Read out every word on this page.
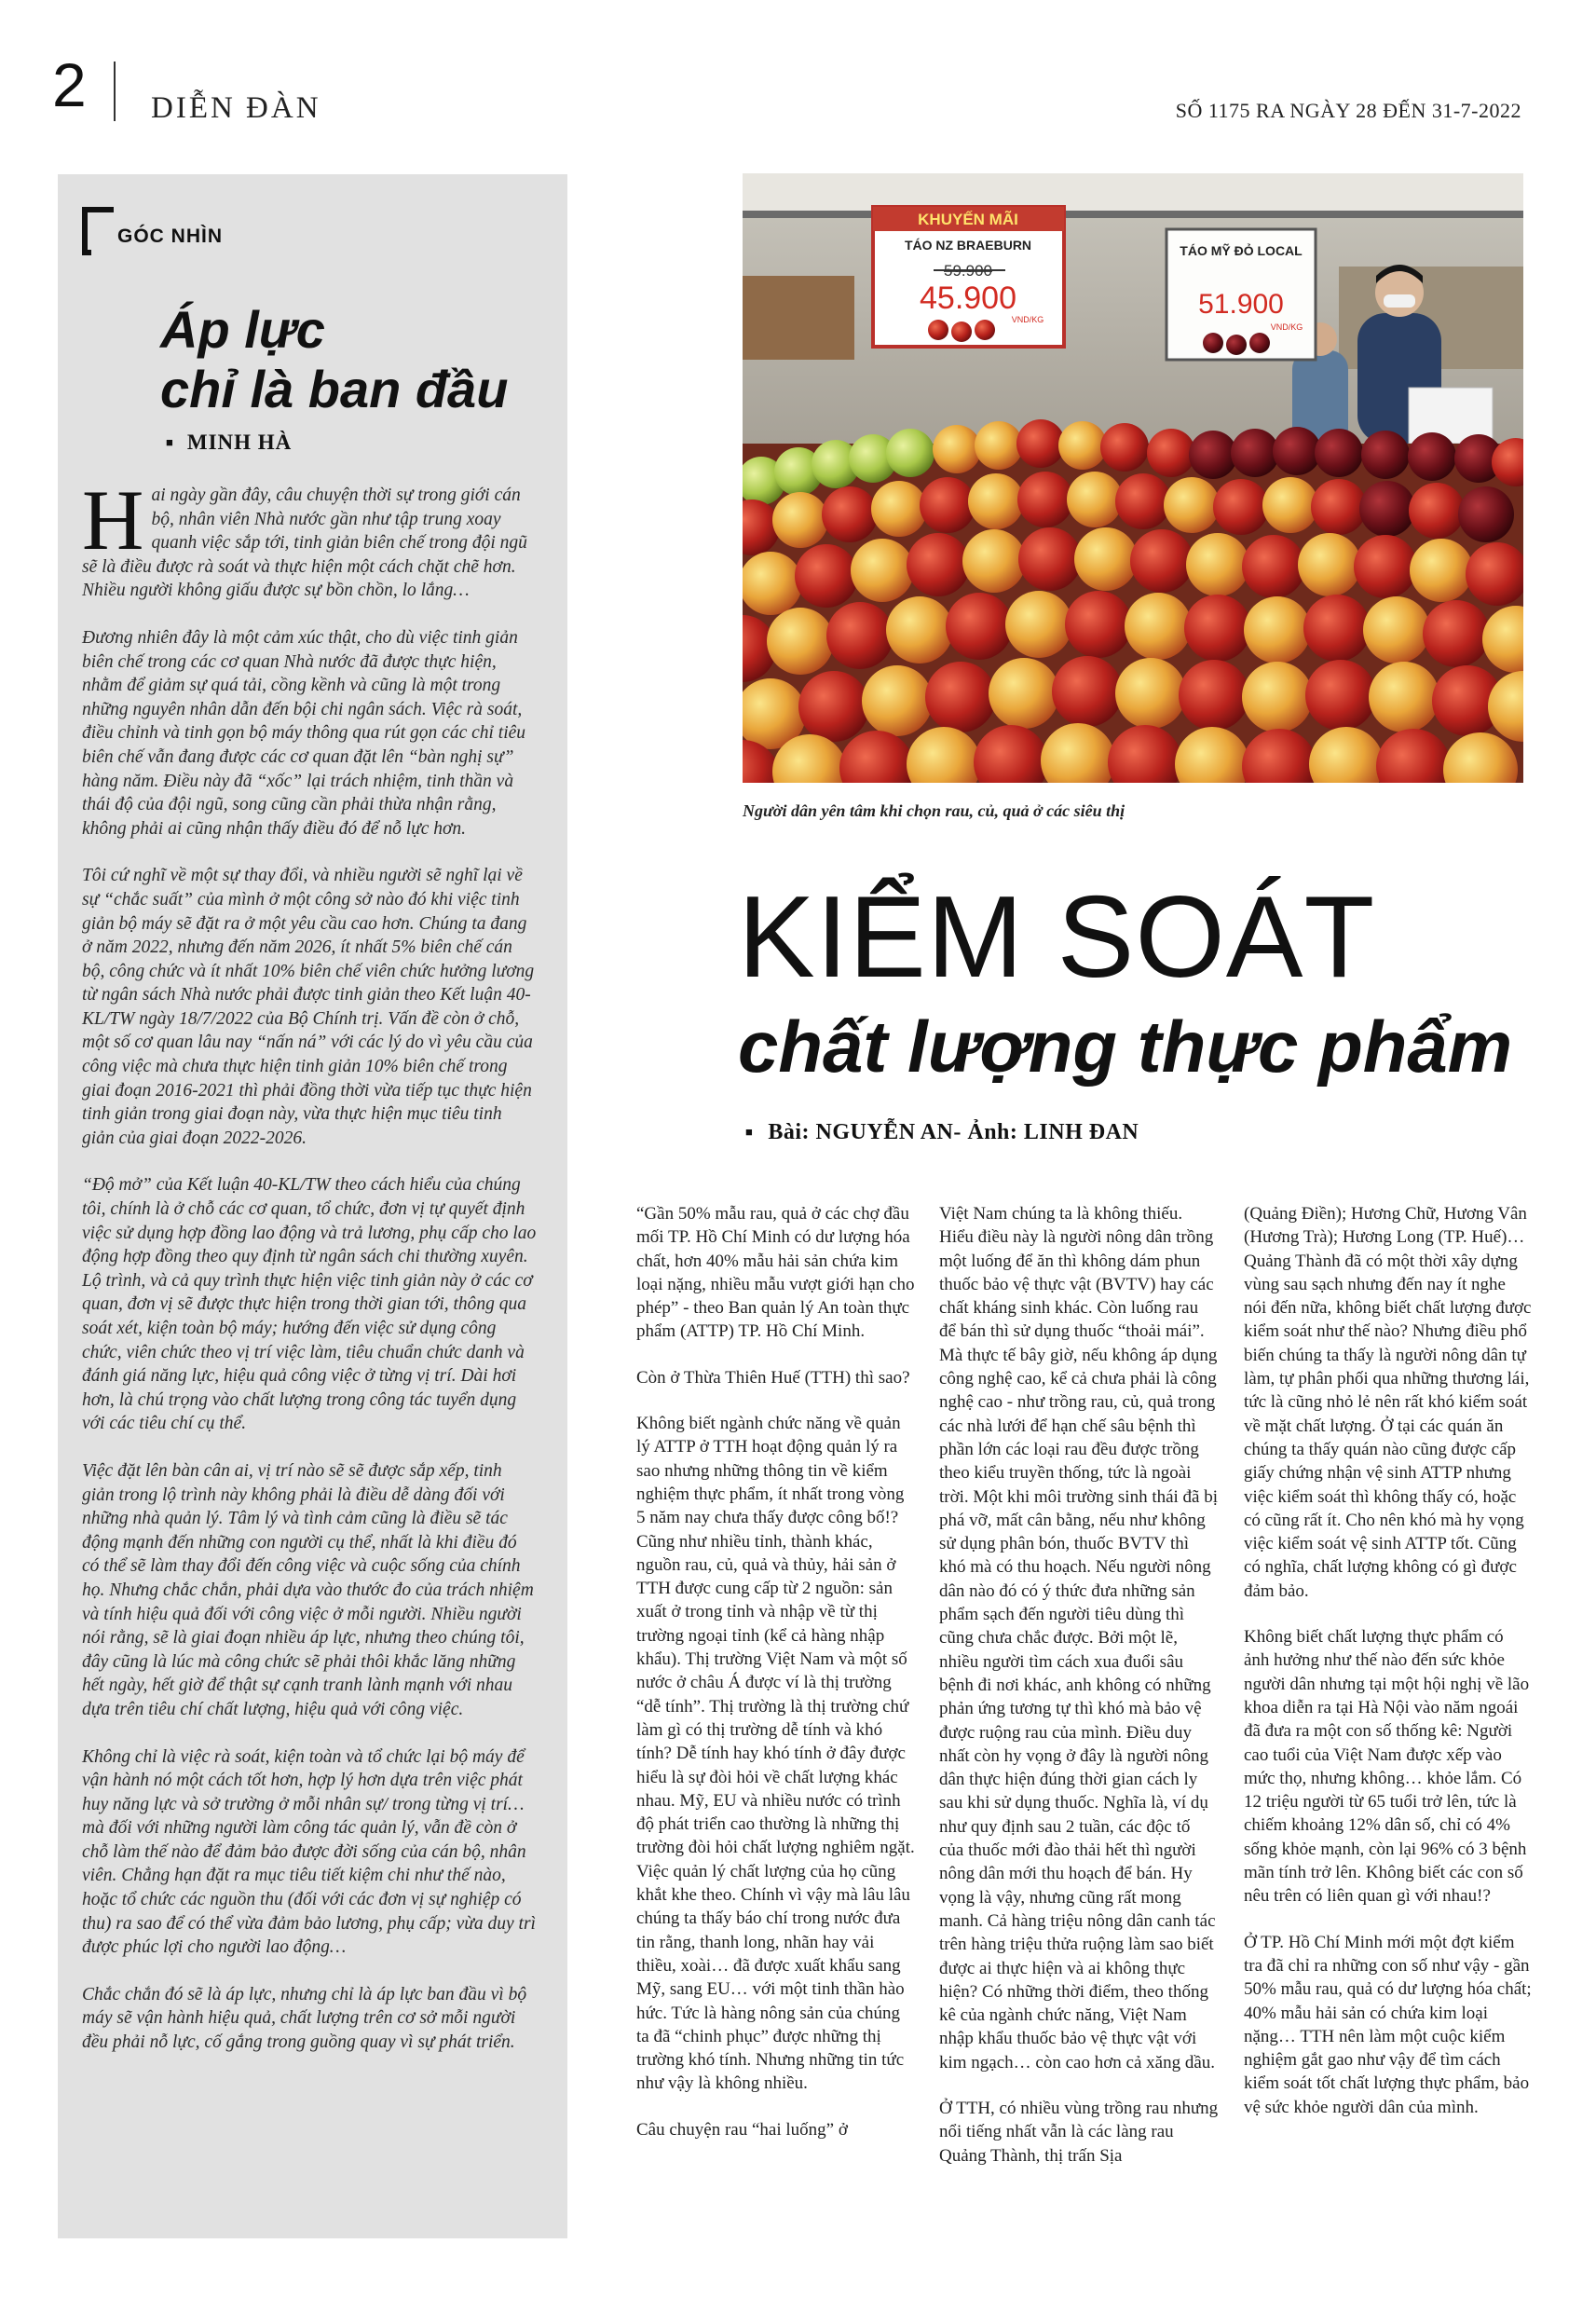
2 DIỄN ĐÀN	SỐ 1175 RA NGÀY 28 ĐẾN 31-7-2022
GÓC NHÌN
Áp lực
chỉ là ban đầu
■ MINH HÀ

Hai ngày gần đây, câu chuyện thời sự trong giới cán bộ, nhân viên Nhà nước gần như tập trung xoay quanh việc sắp tới, tinh giản biên chế trong đội ngũ sẽ là điều được rà soát và thực hiện một cách chặt chẽ hơn. Nhiều người không giấu được sự bồn chồn, lo lắng…

Đương nhiên đây là một cảm xúc thật, cho dù việc tinh giản biên chế trong các cơ quan Nhà nước đã được thực hiện, nhằm để giảm sự quá tải, cồng kềnh và cũng là một trong những nguyên nhân dẫn đến bội chi ngân sách. Việc rà soát, điều chỉnh và tinh gọn bộ máy thông qua rút gọn các chỉ tiêu biên chế vẫn đang được các cơ quan đặt lên “bàn nghị sự” hàng năm. Điều này đã “xốc” lại trách nhiệm, tinh thần và thái độ của đội ngũ, song cũng cần phải thừa nhận rằng, không phải ai cũng nhận thấy điều đó để nỗ lực hơn.

Tôi cứ nghĩ về một sự thay đổi, và nhiều người sẽ nghĩ lại về sự “chắc suất” của mình ở một công sở nào đó khi việc tinh giản bộ máy sẽ đặt ra ở một yêu cầu cao hơn. Chúng ta đang ở năm 2022, nhưng đến năm 2026, ít nhất 5% biên chế cán bộ, công chức và ít nhất 10% biên chế viên chức hưởng lương từ ngân sách Nhà nước phải được tinh giản theo Kết luận 40-KL/TW ngày 18/7/2022 của Bộ Chính trị. Vấn đề còn ở chỗ, một số cơ quan lâu nay “nấn ná” với các lý do vì yêu cầu của công việc mà chưa thực hiện tinh giản 10% biên chế trong giai đoạn 2016-2021 thì phải đồng thời vừa tiếp tục thực hiện tinh giản trong giai đoạn này, vừa thực hiện mục tiêu tinh giản của giai đoạn 2022-2026.

“Độ mở” của Kết luận 40-KL/TW theo cách hiểu của chúng tôi, chính là ở chỗ các cơ quan, tổ chức, đơn vị tự quyết định việc sử dụng hợp đồng lao động và trả lương, phụ cấp cho lao động hợp đồng theo quy định từ ngân sách chi thường xuyên. Lộ trình, và cả quy trình thực hiện việc tinh giản này ở các cơ quan, đơn vị sẽ được thực hiện trong thời gian tới, thông qua soát xét, kiện toàn bộ máy; hướng đến việc sử dụng công chức, viên chức theo vị trí việc làm, tiêu chuẩn chức danh và đánh giá năng lực, hiệu quả công việc ở từng vị trí. Dài hơi hơn, là chú trọng vào chất lượng trong công tác tuyển dụng với các tiêu chí cụ thể.

Việc đặt lên bàn cân ai, vị trí nào sẽ sẽ được sắp xếp, tinh giản trong lộ trình này không phải là điều dễ dàng đối với những nhà quản lý. Tâm lý và tình cảm cũng là điều sẽ tác động mạnh đến những con người cụ thể, nhất là khi điều đó có thể sẽ làm thay đổi đến công việc và cuộc sống của chính họ. Nhưng chắc chắn, phải dựa vào thước đo của trách nhiệm và tính hiệu quả đối với công việc ở mỗi người. Nhiều người nói rằng, sẽ là giai đoạn nhiều áp lực, nhưng theo chúng tôi, đây cũng là lúc mà công chức sẽ phải thôi khắc lăng những hết ngày, hết giờ để thật sự cạnh tranh lành mạnh với nhau dựa trên tiêu chí chất lượng, hiệu quả với công việc.

Không chỉ là việc rà soát, kiện toàn và tổ chức lại bộ máy để vận hành nó một cách tốt hơn, hợp lý hơn dựa trên việc phát huy năng lực và sở trường ở mỗi nhân sự/ trong từng vị trí… mà đối với những người làm công tác quản lý, vẫn đề còn ở chỗ làm thế nào để đảm bảo được đời sống của cán bộ, nhân viên. Chẳng hạn đặt ra mục tiêu tiết kiệm chi như thế nào, hoặc tổ chức các nguồn thu (đối với các đơn vị sự nghiệp có thu) ra sao để có thể vừa đảm bảo lương, phụ cấp; vừa duy trì được phúc lợi cho người lao động…

Chắc chắn đó sẽ là áp lực, nhưng chỉ là áp lực ban đầu vì bộ máy sẽ vận hành hiệu quả, chất lượng trên cơ sở mỗi người đều phải nỗ lực, cố gắng trong guồng quay vì sự phát triển.

KHUYẾN MÃI
TÁO NZ BRAEBURN
59.900
45.900
VND/KG
TÁO MỸ ĐỎ LOCAL
51.900
VND/KG
Người dân yên tâm khi chọn rau, củ, quả ở các siêu thị
KIỂM SOÁT
chất lượng thực phẩm
■ Bài: NGUYỄN AN- Ảnh: LINH ĐAN

“Gần 50% mẫu rau, quả ở các chợ đầu mối TP. Hồ Chí Minh có dư lượng hóa chất, hơn 40% mẫu hải sản chứa kim loại nặng, nhiều mẫu vượt giới hạn cho phép” - theo Ban quản lý An toàn thực phẩm (ATTP) TP. Hồ Chí Minh.

Còn ở Thừa Thiên Huế (TTH) thì sao?

Không biết ngành chức năng về quản lý ATTP ở TTH hoạt động quản lý ra sao nhưng những thông tin về kiểm nghiệm thực phẩm, ít nhất trong vòng 5 năm nay chưa thấy được công bố!? Cũng như nhiều tỉnh, thành khác, nguồn rau, củ, quả và thủy, hải sản ở TTH được cung cấp từ 2 nguồn: sản xuất ở trong tỉnh và nhập về từ thị trường ngoại tỉnh (kể cả hàng nhập khẩu). Thị trường Việt Nam và một số nước ở châu Á được ví là thị trường “dễ tính”. Thị trường là thị trường chứ làm gì có thị trường dễ tính và khó tính? Dễ tính hay khó tính ở đây được hiểu là sự đòi hỏi về chất lượng khác nhau. Mỹ, EU và nhiều nước có trình độ phát triển cao thường là những thị trường đòi hỏi chất lượng nghiêm ngặt. Việc quản lý chất lượng của họ cũng khắt khe theo. Chính vì vậy mà lâu lâu chúng ta thấy báo chí trong nước đưa tin rằng, thanh long, nhãn hay vải thiều, xoài… đã được xuất khẩu sang Mỹ, sang EU… với một tinh thần hào hức. Tức là hàng nông sản của chúng ta đã “chinh phục” được những thị trường khó tính. Nhưng những tin tức như vậy là không nhiều.

Câu chuyện rau “hai luống” ở

Việt Nam chúng ta là không thiếu. Hiểu điều này là người nông dân trồng một luống để ăn thì không dám phun thuốc bảo vệ thực vật (BVTV) hay các chất kháng sinh khác. Còn luống rau để bán thì sử dụng thuốc “thoải mái”. Mà thực tế bây giờ, nếu không áp dụng công nghệ cao, kể cả chưa phải là công nghệ cao - như trồng rau, củ, quả trong các nhà lưới để hạn chế sâu bệnh thì phần lớn các loại rau đều được trồng theo kiểu truyền thống, tức là ngoài trời. Một khi môi trường sinh thái đã bị phá vỡ, mất cân bằng, nếu như không sử dụng phân bón, thuốc BVTV thì khó mà có thu hoạch. Nếu người nông dân nào đó có ý thức đưa những sản phẩm sạch đến người tiêu dùng thì cũng chưa chắc được. Bởi một lẽ, nhiều người tìm cách xua đuổi sâu bệnh đi nơi khác, anh không có những phản ứng tương tự thì khó mà bảo vệ được ruộng rau của mình. Điều duy nhất còn hy vọng ở đây là người nông dân thực hiện đúng thời gian cách ly sau khi sử dụng thuốc. Nghĩa là, ví dụ như quy định sau 2 tuần, các độc tố của thuốc mới đào thải hết thì người nông dân mới thu hoạch để bán. Hy vọng là vậy, nhưng cũng rất mong manh. Cả hàng triệu nông dân canh tác trên hàng triệu thửa ruộng làm sao biết được ai thực hiện và ai không thực hiện? Có những thời điểm, theo thống kê của ngành chức năng, Việt Nam nhập khẩu thuốc bảo vệ thực vật với kim ngạch… còn cao hơn cả xăng dầu.

Ở TTH, có nhiều vùng trồng rau nhưng nổi tiếng nhất vẫn là các làng rau Quảng Thành, thị trấn Sịa

(Quảng Điền); Hương Chữ, Hương Vân (Hương Trà); Hương Long (TP. Huế)… Quảng Thành đã có một thời xây dựng vùng sau sạch nhưng đến nay ít nghe nói đến nữa, không biết chất lượng được kiểm soát như thế nào? Nhưng điều phổ biến chúng ta thấy là người nông dân tự làm, tự phân phối qua những thương lái, tức là cũng nhỏ lẻ nên rất khó kiểm soát về mặt chất lượng. Ở tại các quán ăn chúng ta thấy quán nào cũng được cấp giấy chứng nhận vệ sinh ATTP nhưng việc kiểm soát thì không thấy có, hoặc có cũng rất ít. Cho nên khó mà hy vọng việc kiểm soát vệ sinh ATTP tốt. Cũng có nghĩa, chất lượng không có gì được đảm bảo.

Không biết chất lượng thực phẩm có ảnh hưởng như thế nào đến sức khỏe người dân nhưng tại một hội nghị về lão khoa diễn ra tại Hà Nội vào năm ngoái đã đưa ra một con số thống kê: Người cao tuổi của Việt Nam được xếp vào mức thọ, nhưng không… khỏe lắm. Có 12 triệu người từ 65 tuổi trở lên, tức là chiếm khoảng 12% dân số, chỉ có 4% sống khỏe mạnh, còn lại 96% có 3 bệnh mãn tính trở lên. Không biết các con số nêu trên có liên quan gì với nhau!?

Ở TP. Hồ Chí Minh mới một đợt kiểm tra đã chỉ ra những con số như vậy - gần 50% mẫu rau, quả có dư lượng hóa chất; 40% mẫu hải sản có chứa kim loại nặng… TTH nên làm một cuộc kiểm nghiệm gắt gao như vậy để tìm cách kiểm soát tốt chất lượng thực phẩm, bảo vệ sức khỏe người dân của mình.
